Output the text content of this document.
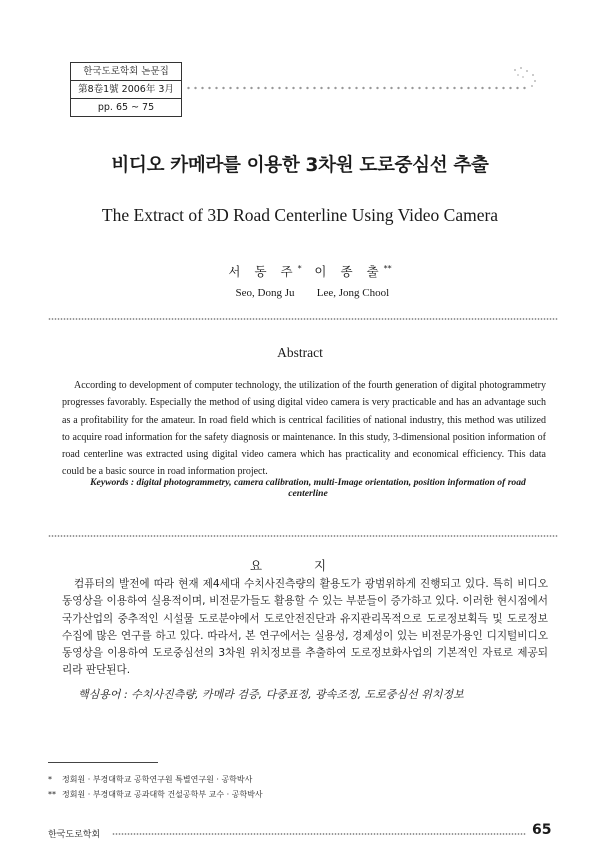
한국도로학회 논문집
第8卷1號 2006年 3月
pp. 65 ~ 75
비디오 카메라를 이용한 3차원 도로중심선 추출
The Extract of 3D Road Centerline Using Video Camera
서 동 주*
Seo, Dong Ju
이 종 출**
Lee, Jong Chool
Abstract
According to development of computer technology, the utilization of the fourth generation of digital photogrammetry progresses favorably. Especially the method of using digital video camera is very practicable and has an advantage such as a profitability for the amateur. In road field which is centrical facilities of national industry, this method was utilized to acquire road information for the safety diagnosis or maintenance. In this study, 3-dimensional position information of road centerline was extracted using digital video camera which has practicality and economical efficiency. This data could be a basic source in road information project.
Keywords : digital photogrammetry, camera calibration, multi-Image orientation, position information of road centerline
요 지
컴퓨터의 발전에 따라 현재 제4세대 수치사진측량의 활용도가 광범위하게 진행되고 있다. 특히 비디오동영상을 이용하여 실용적이며, 비전문가들도 활용할 수 있는 부분들이 증가하고 있다. 이러한 현시점에서 국가산업의 중추적인 시설물 도로분야에서 도로안전진단과 유지관리목적으로 도로정보획득 및 도로정보수집에 많은 연구를 하고 있다. 따라서, 본 연구에서는 실용성, 경제성이 있는 비전문가용인 디지털비디오 동영상을 이용하여 도로중심선의 3차원 위치정보를 추출하여 도로정보화사업의 기본적인 자료로 제공되리라 판단된다.
핵심용어 : 수치사진측량, 카메라 검증, 다중표정, 광속조정, 도로중심선 위치정보
* 정회원 · 부경대학교 공학연구원 특별연구원 · 공학박사
** 정회원 · 부경대학교 공과대학 건설공학부 교수 · 공학박사
한국도로학회	65
